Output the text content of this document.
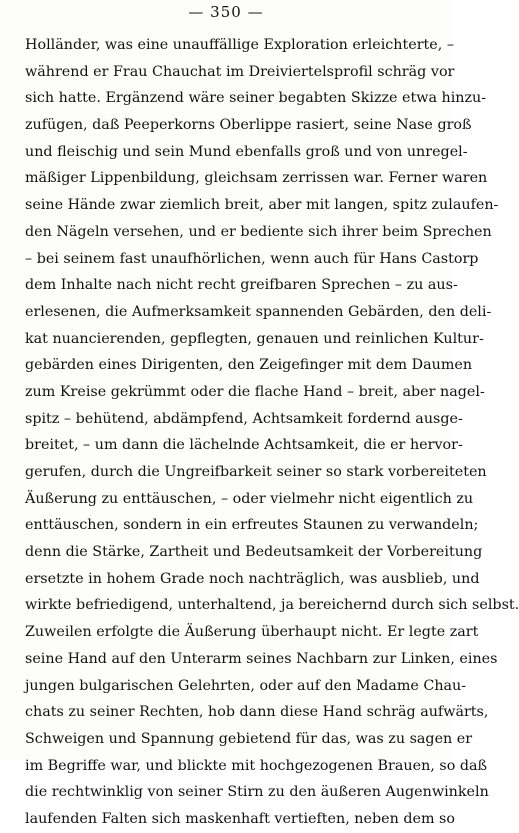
— 350 —
Holländer, was eine unauffällige Exploration erleichterte, –
während er Frau Chauchat im Dreiviertelsprofil schräg vor
sich hatte. Ergänzend wäre seiner begabten Skizze etwa hinzu-
zufügen, daß Peeperkorns Oberlippe rasiert, seine Nase groß
und fleischig und sein Mund ebenfalls groß und von unregel-
mäßiger Lippenbildung, gleichsam zerrissen war. Ferner waren
seine Hände zwar ziemlich breit, aber mit langen, spitz zulaufen-
den Nägeln versehen, und er bediente sich ihrer beim Sprechen
– bei seinem fast unaufhörlichen, wenn auch für Hans Castorp
dem Inhalte nach nicht recht greifbaren Sprechen – zu aus-
erlesenen, die Aufmerksamkeit spannenden Gebärden, den deli-
kat nuancierenden, gepflegten, genauen und reinlichen Kultur-
gebärden eines Dirigenten, den Zeigefinger mit dem Daumen
zum Kreise gekrümmt oder die flache Hand – breit, aber nagel-
spitz – behütend, abdämpfend, Achtsamkeit fordernd ausge-
breitet, – um dann die lächelnde Achtsamkeit, die er hervor-
gerufen, durch die Ungreifbarkeit seiner so stark vorbereiteten
Äußerung zu enttäuschen, – oder vielmehr nicht eigentlich zu
enttäuschen, sondern in ein erfreutes Staunen zu verwandeln;
denn die Stärke, Zartheit und Bedeutsamkeit der Vorbereitung
ersetzte in hohem Grade noch nachträglich, was ausblieb, und
wirkte befriedigend, unterhaltend, ja bereichernd durch sich selbst.
Zuweilen erfolgte die Äußerung überhaupt nicht. Er legte zart
seine Hand auf den Unterarm seines Nachbarn zur Linken, eines
jungen bulgarischen Gelehrten, oder auf den Madame Chau-
chats zu seiner Rechten, hob dann diese Hand schräg aufwärts,
Schweigen und Spannung gebietend für das, was zu sagen er
im Begriffe war, und blickte mit hochgezogenen Brauen, so daß
die rechtwinklig von seiner Stirn zu den äußeren Augenwinkeln
laufenden Falten sich maskenhaft vertieften, neben dem so
